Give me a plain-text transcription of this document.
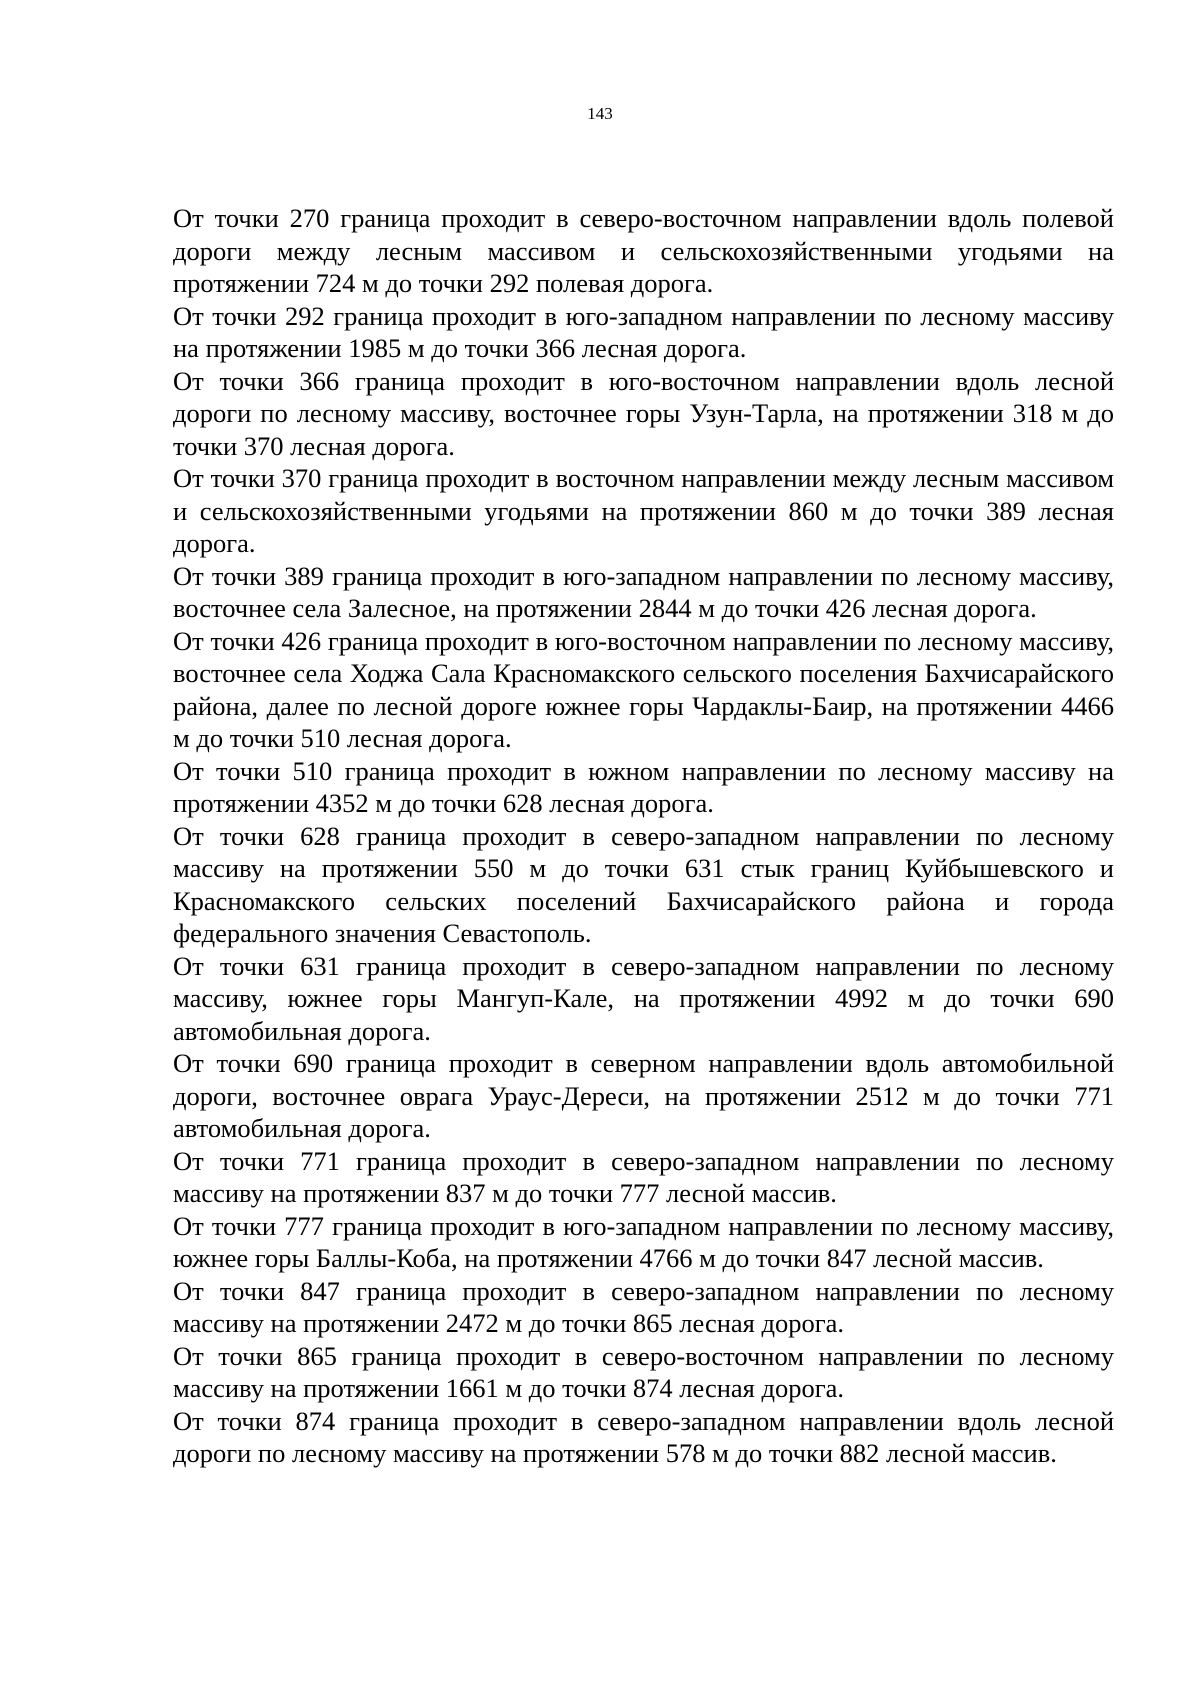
143

От точки 270 граница проходит в северо-восточном направлении вдоль полевой дороги между лесным массивом и сельскохозяйственными угодьями на протяжении 724 м до точки 292 полевая дорога.

От точки 292 граница проходит в юго-западном направлении по лесному массиву на протяжении 1985 м до точки 366 лесная дорога.

От точки 366 граница проходит в юго-восточном направлении вдоль лесной дороги по лесному массиву, восточнее горы Узун-Тарла, на протяжении 318 м до точки 370 лесная дорога.

От точки 370 граница проходит в восточном направлении между лесным массивом и сельскохозяйственными угодьями на протяжении 860 м до точки 389 лесная дорога.

От точки 389 граница проходит в юго-западном направлении по лесному массиву, восточнее села Залесное, на протяжении 2844 м до точки 426 лесная дорога.

От точки 426 граница проходит в юго-восточном направлении по лесному массиву, восточнее села Ходжа Сала Красномакского сельского поселения Бахчисарайского района, далее по лесной дороге южнее горы Чардаклы-Баир, на протяжении 4466 м до точки 510 лесная дорога.

От точки 510 граница проходит в южном направлении по лесному массиву на протяжении 4352 м до точки 628 лесная дорога.

От точки 628 граница проходит в северо-западном направлении по лесному массиву на протяжении 550 м до точки 631 стык границ Куйбышевского и Красномакского сельских поселений Бахчисарайского района и города федерального значения Севастополь.

От точки 631 граница проходит в северо-западном направлении по лесному массиву, южнее горы Мангуп-Кале, на протяжении 4992 м до точки 690 автомобильная дорога.

От точки 690 граница проходит в северном направлении вдоль автомобильной дороги, восточнее оврага Ураус-Дереси, на протяжении 2512 м до точки 771 автомобильная дорога.

От точки 771 граница проходит в северо-западном направлении по лесному массиву на протяжении 837 м до точки 777 лесной массив.

От точки 777 граница проходит в юго-западном направлении по лесному массиву, южнее горы Баллы-Коба, на протяжении 4766 м до точки 847 лесной массив.

От точки 847 граница проходит в северо-западном направлении по лесному массиву на протяжении 2472 м до точки 865 лесная дорога.

От точки 865 граница проходит в северо-восточном направлении по лесному массиву на протяжении 1661 м до точки 874 лесная дорога.

От точки 874 граница проходит в северо-западном направлении вдоль лесной дороги по лесному массиву на протяжении 578 м до точки 882 лесной массив.
